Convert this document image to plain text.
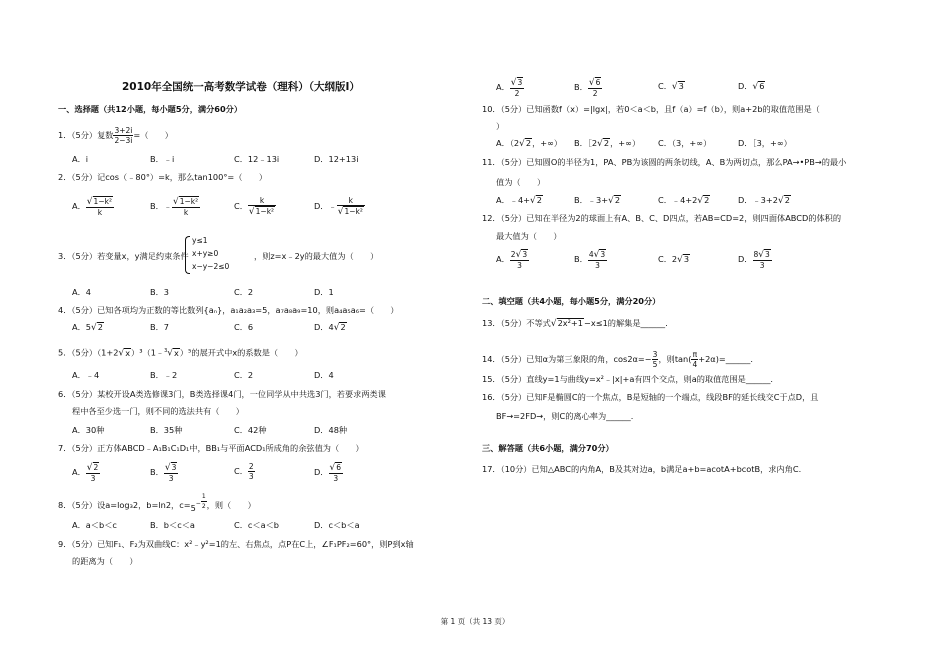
2010年全国统一高考数学试卷（理科）（大纲版Ⅰ）
一、选择题（共12小题，每小题5分，满分60分）
1．（5分）复数 $\frac{3+2i}{2-3i}$ =（　　）
A．i	B．﹣i	C．12﹣13i	D．12+13i
2．（5分）记cos（﹣80°）=k，那么tan100°=（　　）
A． $\frac{\text{√1−k²}}{k}$	B．﹣ $\frac{\text{√1−k²}}{k}$	C． $\frac{k}{\text{√1−k²}}$	D．﹣ $\frac{k}{\text{√1−k²}}$
3．（5分）若变量x，y满足约束条件
y≤1
x+y≥0
x−y−2≤0
，则z=x﹣2y的最大值为（　　）
A．4	B．3	C．2	D．1
4．（5分）已知各项均为正数的等比数列{aₙ}，a₁a₂a₃=5，a₇a₈a₉=10，则a₄a₅a₆=（　　）
A．5√2	B．7	C．6	D．4√2
5．（5分）（1+2√x）³（1﹣$^3$√x）⁵的展开式中x的系数是（　　）
A．﹣4	B．﹣2	C．2	D．4
6．（5分）某校开设A类选修课3门，B类选择课4门，一位同学从中共选3门，若要求两类课
程中各至少选一门，则不同的选法共有（　　）
A．30种	B．35种	C．42种	D．48种
7．（5分）正方体ABCD﹣A₁B₁C₁D₁中，BB₁与平面ACD₁所成角的余弦值为（　　）
A． $\frac{√2}{3}$	B． $\frac{√3}{3}$	C． $\frac{2}{3}$	D． $\frac{√6}{3}$
8．（5分）设a=log₃2，b=ln2，$c=5^- \frac{1}{2}$ ，则（　　）
A．a＜b＜c	B．b＜c＜a	C．c＜a＜b	D．c＜b＜a
9．（5分）已知F₁、F₂为双曲线C：x²﹣y²=1的左、右焦点，点P在C上，∠F₁PF₂=60°，则P到x轴
的距离为（　　）
A． $\frac{√3}{2}$	B． $\frac{√6}{2}$	C．√3	D．√6
10．（5分）已知函数f（x）=|lgx|，若0＜a＜b，且f（a）=f（b），则a+2b的取值范围是（
）
A．（2√2，+∞） B．［2√2，+∞） C．（3，+∞）	D．［3，+∞）
11．（5分）已知圆O的半径为1，PA、PB为该圆的两条切线，A、B为两切点，那么PA→•PB→的最小
值为（　　）
A．﹣4+√2	B．﹣3+√2	C．﹣4+2√2	D．﹣3+2√2
12．（5分）已知在半径为2的球面上有A、B、C、D四点，若AB=CD=2，则四面体ABCD的体积的
最大值为（　　）
A． $\frac{2√3}{3}$	B． $\frac{4√3}{3}$	C．2√3	D． $\frac{8√3}{3}$
二、填空题（共4小题，每小题5分，满分20分）
13．（5分）不等式√2x²+1−x≤1的解集是______.
14．（5分）已知α为第三象限的角，$\cos 2\alpha=- \frac{3}{5}$ ，则$\tan( \frac{\pi}{4}$ +2α)=______.
15．（5分）直线y=1与曲线y=x²﹣|x|+a有四个交点，则a的取值范围是______.
16．（5分）已知F是椭圆C的一个焦点，B是短轴的一个端点，线段BF的延长线交C于点D，且
BF→=2FD→，则C的离心率为______.
三、解答题（共6小题，满分70分）
17．（10分）已知△ABC的内角A，B及其对边a，b满足a+b=acotA+bcotB，求内角C.
第 1 页（共 13 页）
